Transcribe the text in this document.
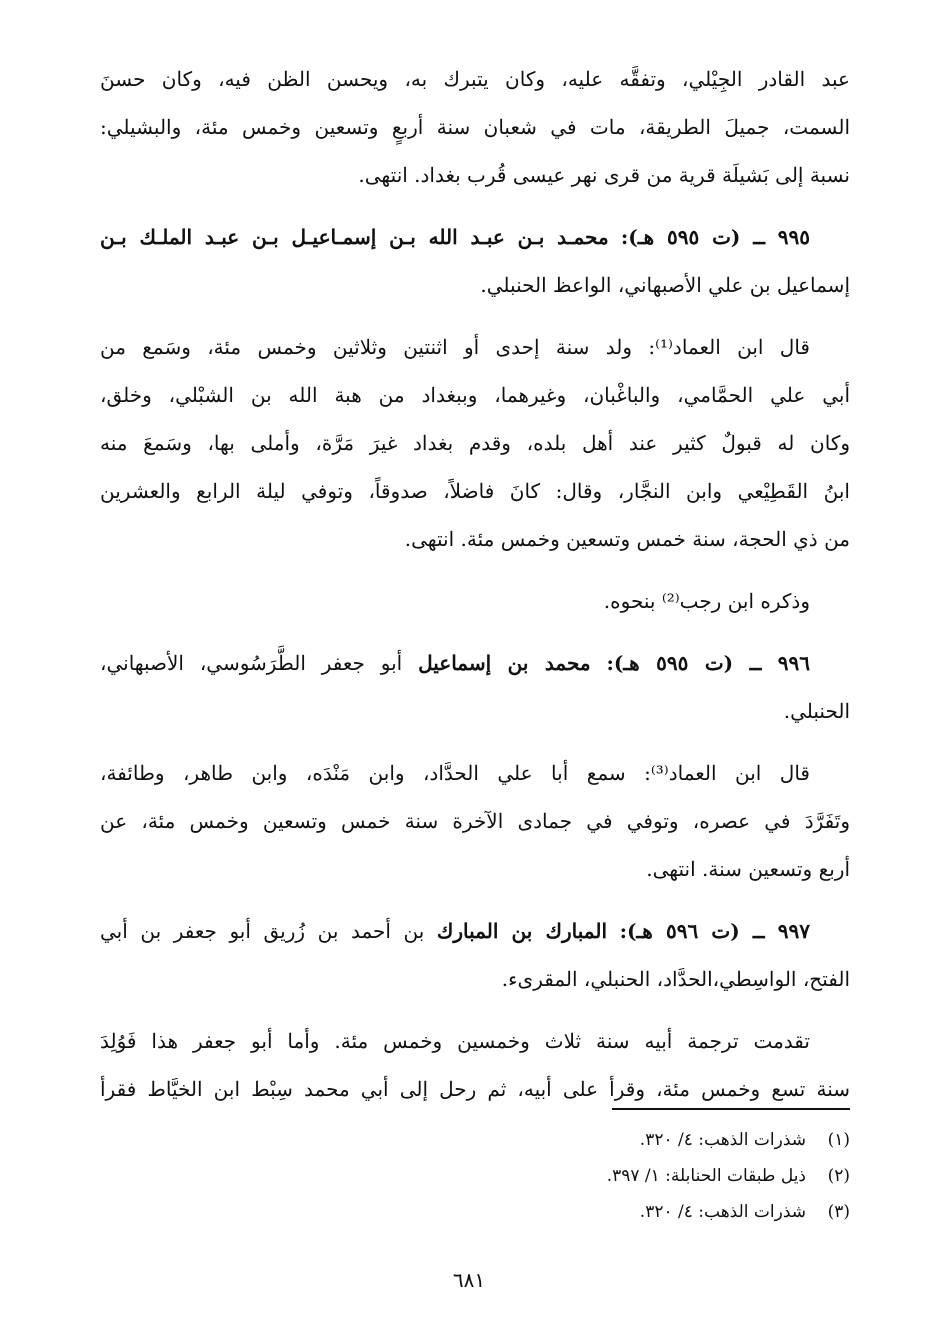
عبد القادر الجِيْلي، وتفقَّه عليه، وكان يتبرك به، ويحسن الظن فيه، وكان حسنَ
السمت، جميلَ الطريقة، مات في شعبان سنة أربعٍ وتسعين وخمس مئة، والبشيلي:
نسبة إلى بَشيلَة قرية من قرى نهر عيسى قُرب بغداد. انتهى.
٩٩٥ ــ (ت ٥٩٥ هـ): محمـد بـن عبـد الله بـن إسمـاعيـل بـن عبـد الملـك بـن
إسماعيل بن علي الأصبهاني، الواعظ الحنبلي.
قال ابن العماد⁽¹⁾: ولد سنة إحدى أو اثنتين وثلاثين وخمس مئة، وسَمع من
أبي علي الحمَّامي، والباغْبان، وغيرهما، وببغداد من هبة الله بن الشبْلي، وخلق،
وكان له قبولٌ كثير عند أهل بلده، وقدم بغداد غيرَ مَرَّة، وأملى بها، وسَمعَ منه
ابنُ القَطِيْعي وابن النجَّار، وقال: كانَ فاضلاً، صدوقاً، وتوفي ليلة الرابع والعشرين
من ذي الحجة، سنة خمس وتسعين وخمس مئة. انتهى.
وذكره ابن رجب⁽²⁾ بنحوه.
٩٩٦ ــ (ت ٥٩٥ هـ): محمد بن إسماعيل أبو جعفر الطَّرَسُوسي، الأصبهاني،
الحنبلي.
قال ابن العماد⁽³⁾: سمع أبا علي الحدَّاد، وابن مَنْدَه، وابن طاهر، وطائفة،
وتَفَرَّدَ في عصره، وتوفي في جمادى الآخرة سنة خمس وتسعين وخمس مئة، عن
أربع وتسعين سنة. انتهى.
٩٩٧ ــ (ت ٥٩٦ هـ): المبارك بن المبارك بن أحمد بن زُريق أبو جعفر بن أبي
الفتح، الواسِطي،الحدَّاد، الحنبلي، المقرىء.
تقدمت ترجمة أبيه سنة ثلاث وخمسين وخمس مئة. وأما أبو جعفر هذا فَوُلِدَ
سنة تسع وخمس مئة، وقرأ على أبيه، ثم رحل إلى أبي محمد سِبْط ابن الخيَّاط فقرأ
(١)شذرات الذهب: ٤/ ٣٢٠.
(٢)ذيل طبقات الحنابلة: ١/ ٣٩٧.
(٣)شذرات الذهب: ٤/ ٣٢٠.
٦٨١
